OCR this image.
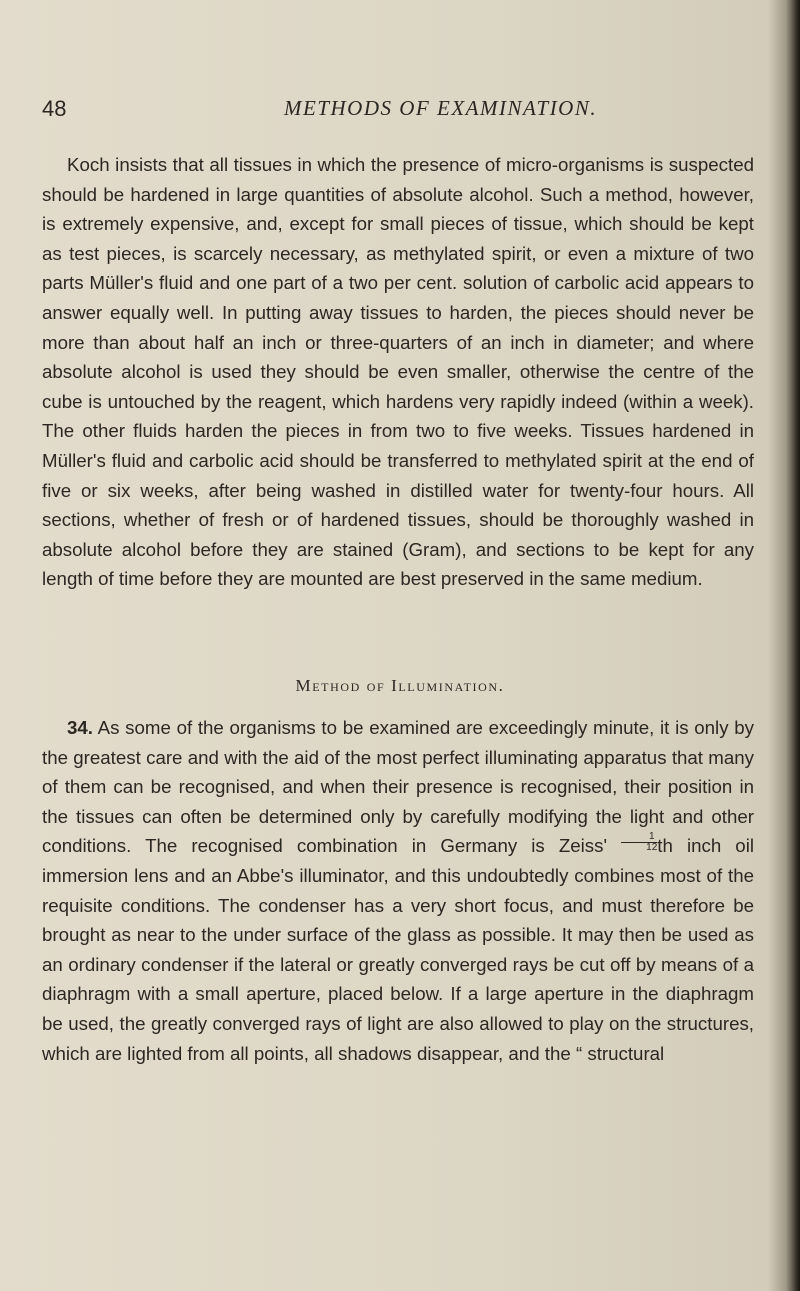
48	METHODS OF EXAMINATION.

Koch insists that all tissues in which the presence of micro-organisms is suspected should be hardened in large quantities of absolute alcohol. Such a method, however, is extremely expensive, and, except for small pieces of tissue, which should be kept as test pieces, is scarcely necessary, as methylated spirit, or even a mixture of two parts Müller's fluid and one part of a two per cent. solution of carbolic acid appears to answer equally well. In putting away tissues to harden, the pieces should never be more than about half an inch or three-quarters of an inch in diameter; and where absolute alcohol is used they should be even smaller, otherwise the centre of the cube is untouched by the reagent, which hardens very rapidly indeed (within a week). The other fluids harden the pieces in from two to five weeks. Tissues hardened in Müller's fluid and carbolic acid should be transferred to methylated spirit at the end of five or six weeks, after being washed in distilled water for twenty-four hours. All sections, whether of fresh or of hardened tissues, should be thoroughly washed in absolute alcohol before they are stained (Gram), and sections to be kept for any length of time before they are mounted are best preserved in the same medium.

Method of Illumination.

34. As some of the organisms to be examined are exceedingly minute, it is only by the greatest care and with the aid of the most perfect illuminating apparatus that many of them can be recognised, and when their presence is recognised, their position in the tissues can often be determined only by carefully modifying the light and other conditions. The recognised combination in Germany is Zeiss' $\frac{1}{12}$ th inch oil immersion lens and an Abbe's illuminator, and this undoubtedly combines most of the requisite conditions. The condenser has a very short focus, and must therefore be brought as near to the under surface of the glass as possible. It may then be used as an ordinary condenser if the lateral or greatly converged rays be cut off by means of a diaphragm with a small aperture, placed below. If a large aperture in the diaphragm be used, the greatly converged rays of light are also allowed to play on the structures, which are lighted from all points, all shadows disappear, and the “ structural
